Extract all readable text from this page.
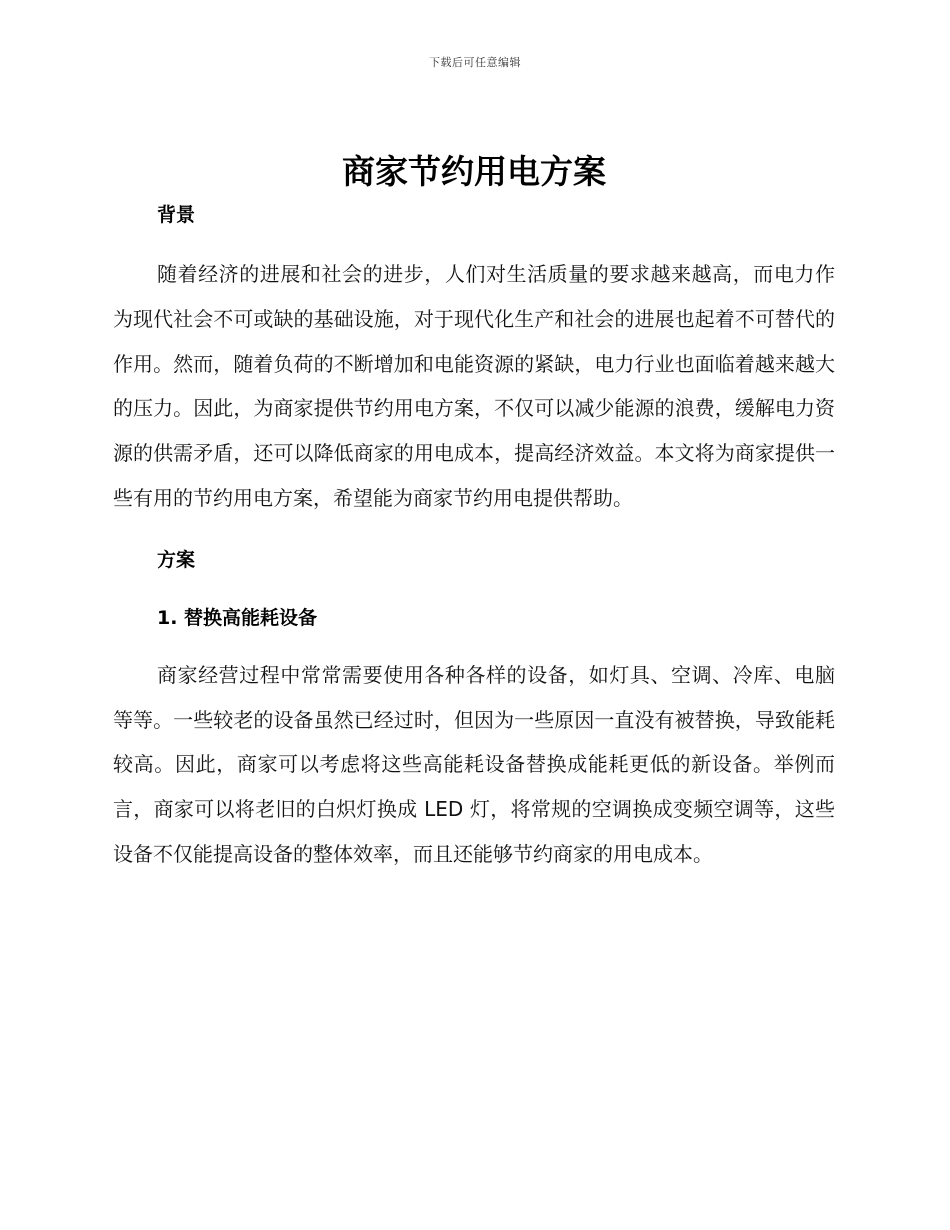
下载后可任意编辑
商家节约用电方案
背景

随着经济的进展和社会的进步，人们对生活质量的要求越来越高，而电力作为现代社会不可或缺的基础设施，对于现代化生产和社会的进展也起着不可替代的作用。然而，随着负荷的不断增加和电能资源的紧缺，电力行业也面临着越来越大的压力。因此，为商家提供节约用电方案，不仅可以减少能源的浪费，缓解电力资源的供需矛盾，还可以降低商家的用电成本，提高经济效益。本文将为商家提供一些有用的节约用电方案，希望能为商家节约用电提供帮助。

方案
1. 替换高能耗设备

商家经营过程中常常需要使用各种各样的设备，如灯具、空调、冷库、电脑等等。一些较老的设备虽然已经过时，但因为一些原因一直没有被替换，导致能耗较高。因此，商家可以考虑将这些高能耗设备替换成能耗更低的新设备。举例而言，商家可以将老旧的白炽灯换成 LED 灯，将常规的空调换成变频空调等，这些设备不仅能提高设备的整体效率，而且还能够节约商家的用电成本。
